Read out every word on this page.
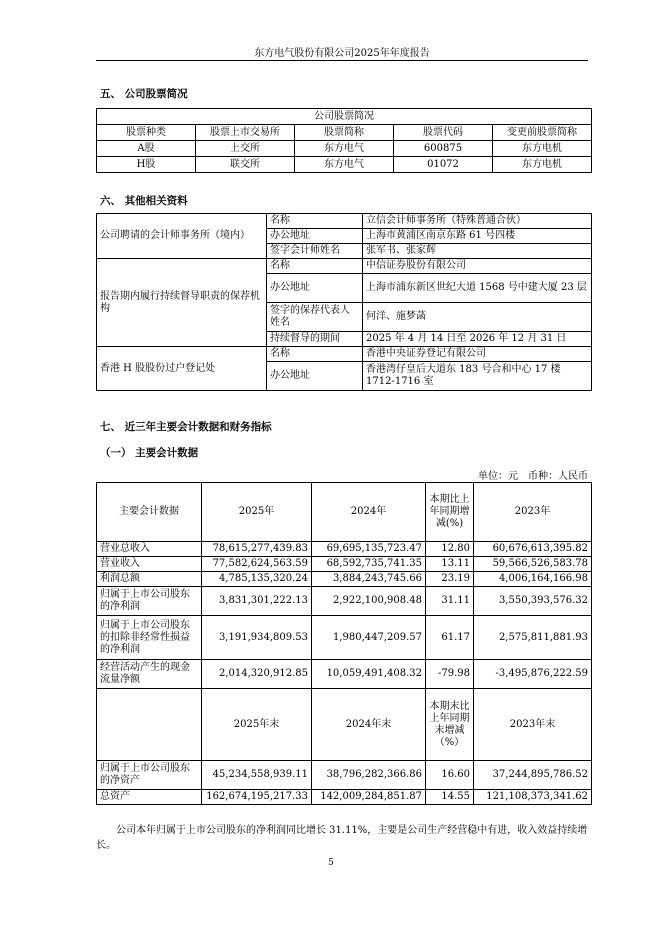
东方电气股份有限公司2025年年度报告
五、 公司股票简况
公司股票简况				
股票种类	股票上市交易所	股票简称	股票代码	变更前股票简称
A股	上交所	东方电气	600875	东方电机
H股	联交所	东方电气	01072	东方电机
六、 其他相关资料
公司聘请的会计师事务所（境内）	名称	立信会计师事务所（特殊普通合伙）
	办公地址	上海市黄浦区南京东路 61 号四楼
	签字会计师姓名	张军书、张家辉
报告期内履行持续督导职责的保荐机构	名称	中信证券股份有限公司
	办公地址	上海市浦东新区世纪大道 1568 号中建大厦 23 层
	签字的保荐代表人姓名	何洋、施梦菡
	持续督导的期间	2025 年 4 月 14 日至 2026 年 12 月 31 日
香港 H 股股份过户登记处	名称	香港中央证券登记有限公司
	办公地址	香港湾仔皇后大道东 183 号合和中心 17 楼 1712-1716 室
七、 近三年主要会计数据和财务指标
（一） 主要会计数据
单位：元　币种：人民币
主要会计数据	2025年	2024年	本期比上年同期增减(%)	2023年
营业总收入	78,615,277,439.83	69,695,135,723.47	12.80	60,676,613,395.82
营业收入	77,582,624,563.59	68,592,735,741.35	13.11	59,566,526,583.78
利润总额	4,785,135,320.24	3,884,243,745.66	23.19	4,006,164,166.98
归属于上市公司股东的净利润	3,831,301,222.13	2,922,100,908.48	31.11	3,550,393,576.32
归属于上市公司股东的扣除非经常性损益的净利润	3,191,934,809.53	1,980,447,209.57	61.17	2,575,811,881.93
经营活动产生的现金流量净额	2,014,320,912.85	10,059,491,408.32	-79.98	-3,495,876,222.59
	2025年末	2024年末	本期末比上年同期末增减（%）	2023年末
归属于上市公司股东的净资产	45,234,558,939.11	38,796,282,366.86	16.60	37,244,895,786.52
总资产	162,674,195,217.33	142,009,284,851.87	14.55	121,108,373,341.62
公司本年归属于上市公司股东的净利润同比增长 31.11%，主要是公司生产经营稳中有进，收入效益持续增长。
5
